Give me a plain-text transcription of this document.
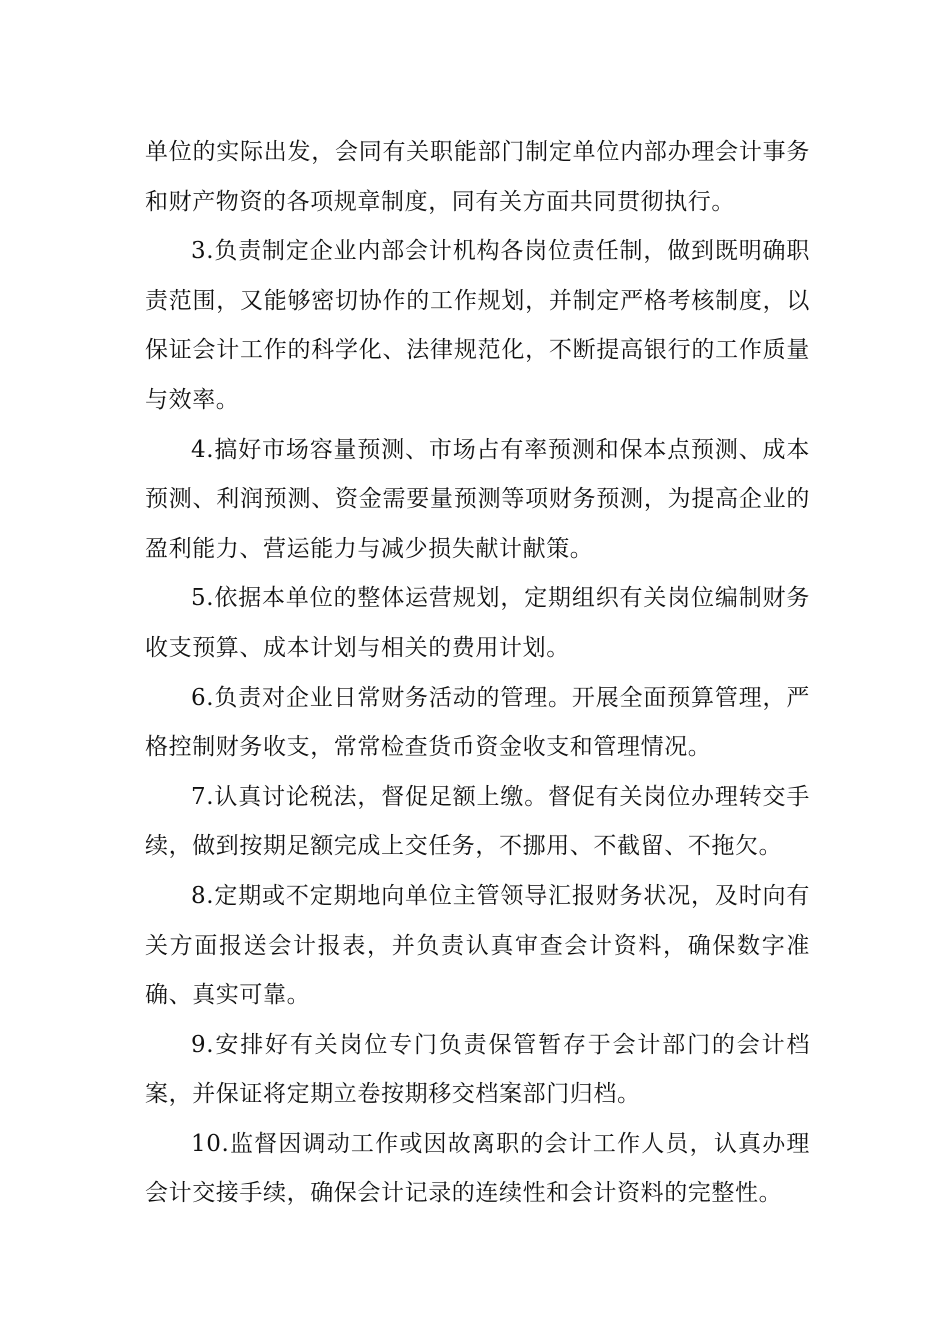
单位的实际出发，会同有关职能部门制定单位内部办理会计事务和财产物资的各项规章制度，同有关方面共同贯彻执行。

3.负责制定企业内部会计机构各岗位责任制，做到既明确职责范围，又能够密切协作的工作规划，并制定严格考核制度，以保证会计工作的科学化、法律规范化，不断提高银行的工作质量与效率。

4.搞好市场容量预测、市场占有率预测和保本点预测、成本预测、利润预测、资金需要量预测等项财务预测，为提高企业的盈利能力、营运能力与减少损失献计献策。

5.依据本单位的整体运营规划，定期组织有关岗位编制财务收支预算、成本计划与相关的费用计划。

6.负责对企业日常财务活动的管理。开展全面预算管理，严格控制财务收支，常常检查货币资金收支和管理情况。

7.认真讨论税法，督促足额上缴。督促有关岗位办理转交手续，做到按期足额完成上交任务，不挪用、不截留、不拖欠。

8.定期或不定期地向单位主管领导汇报财务状况，及时向有关方面报送会计报表，并负责认真审查会计资料，确保数字准确、真实可靠。

9.安排好有关岗位专门负责保管暂存于会计部门的会计档案，并保证将定期立卷按期移交档案部门归档。

10.监督因调动工作或因故离职的会计工作人员，认真办理会计交接手续，确保会计记录的连续性和会计资料的完整性。
